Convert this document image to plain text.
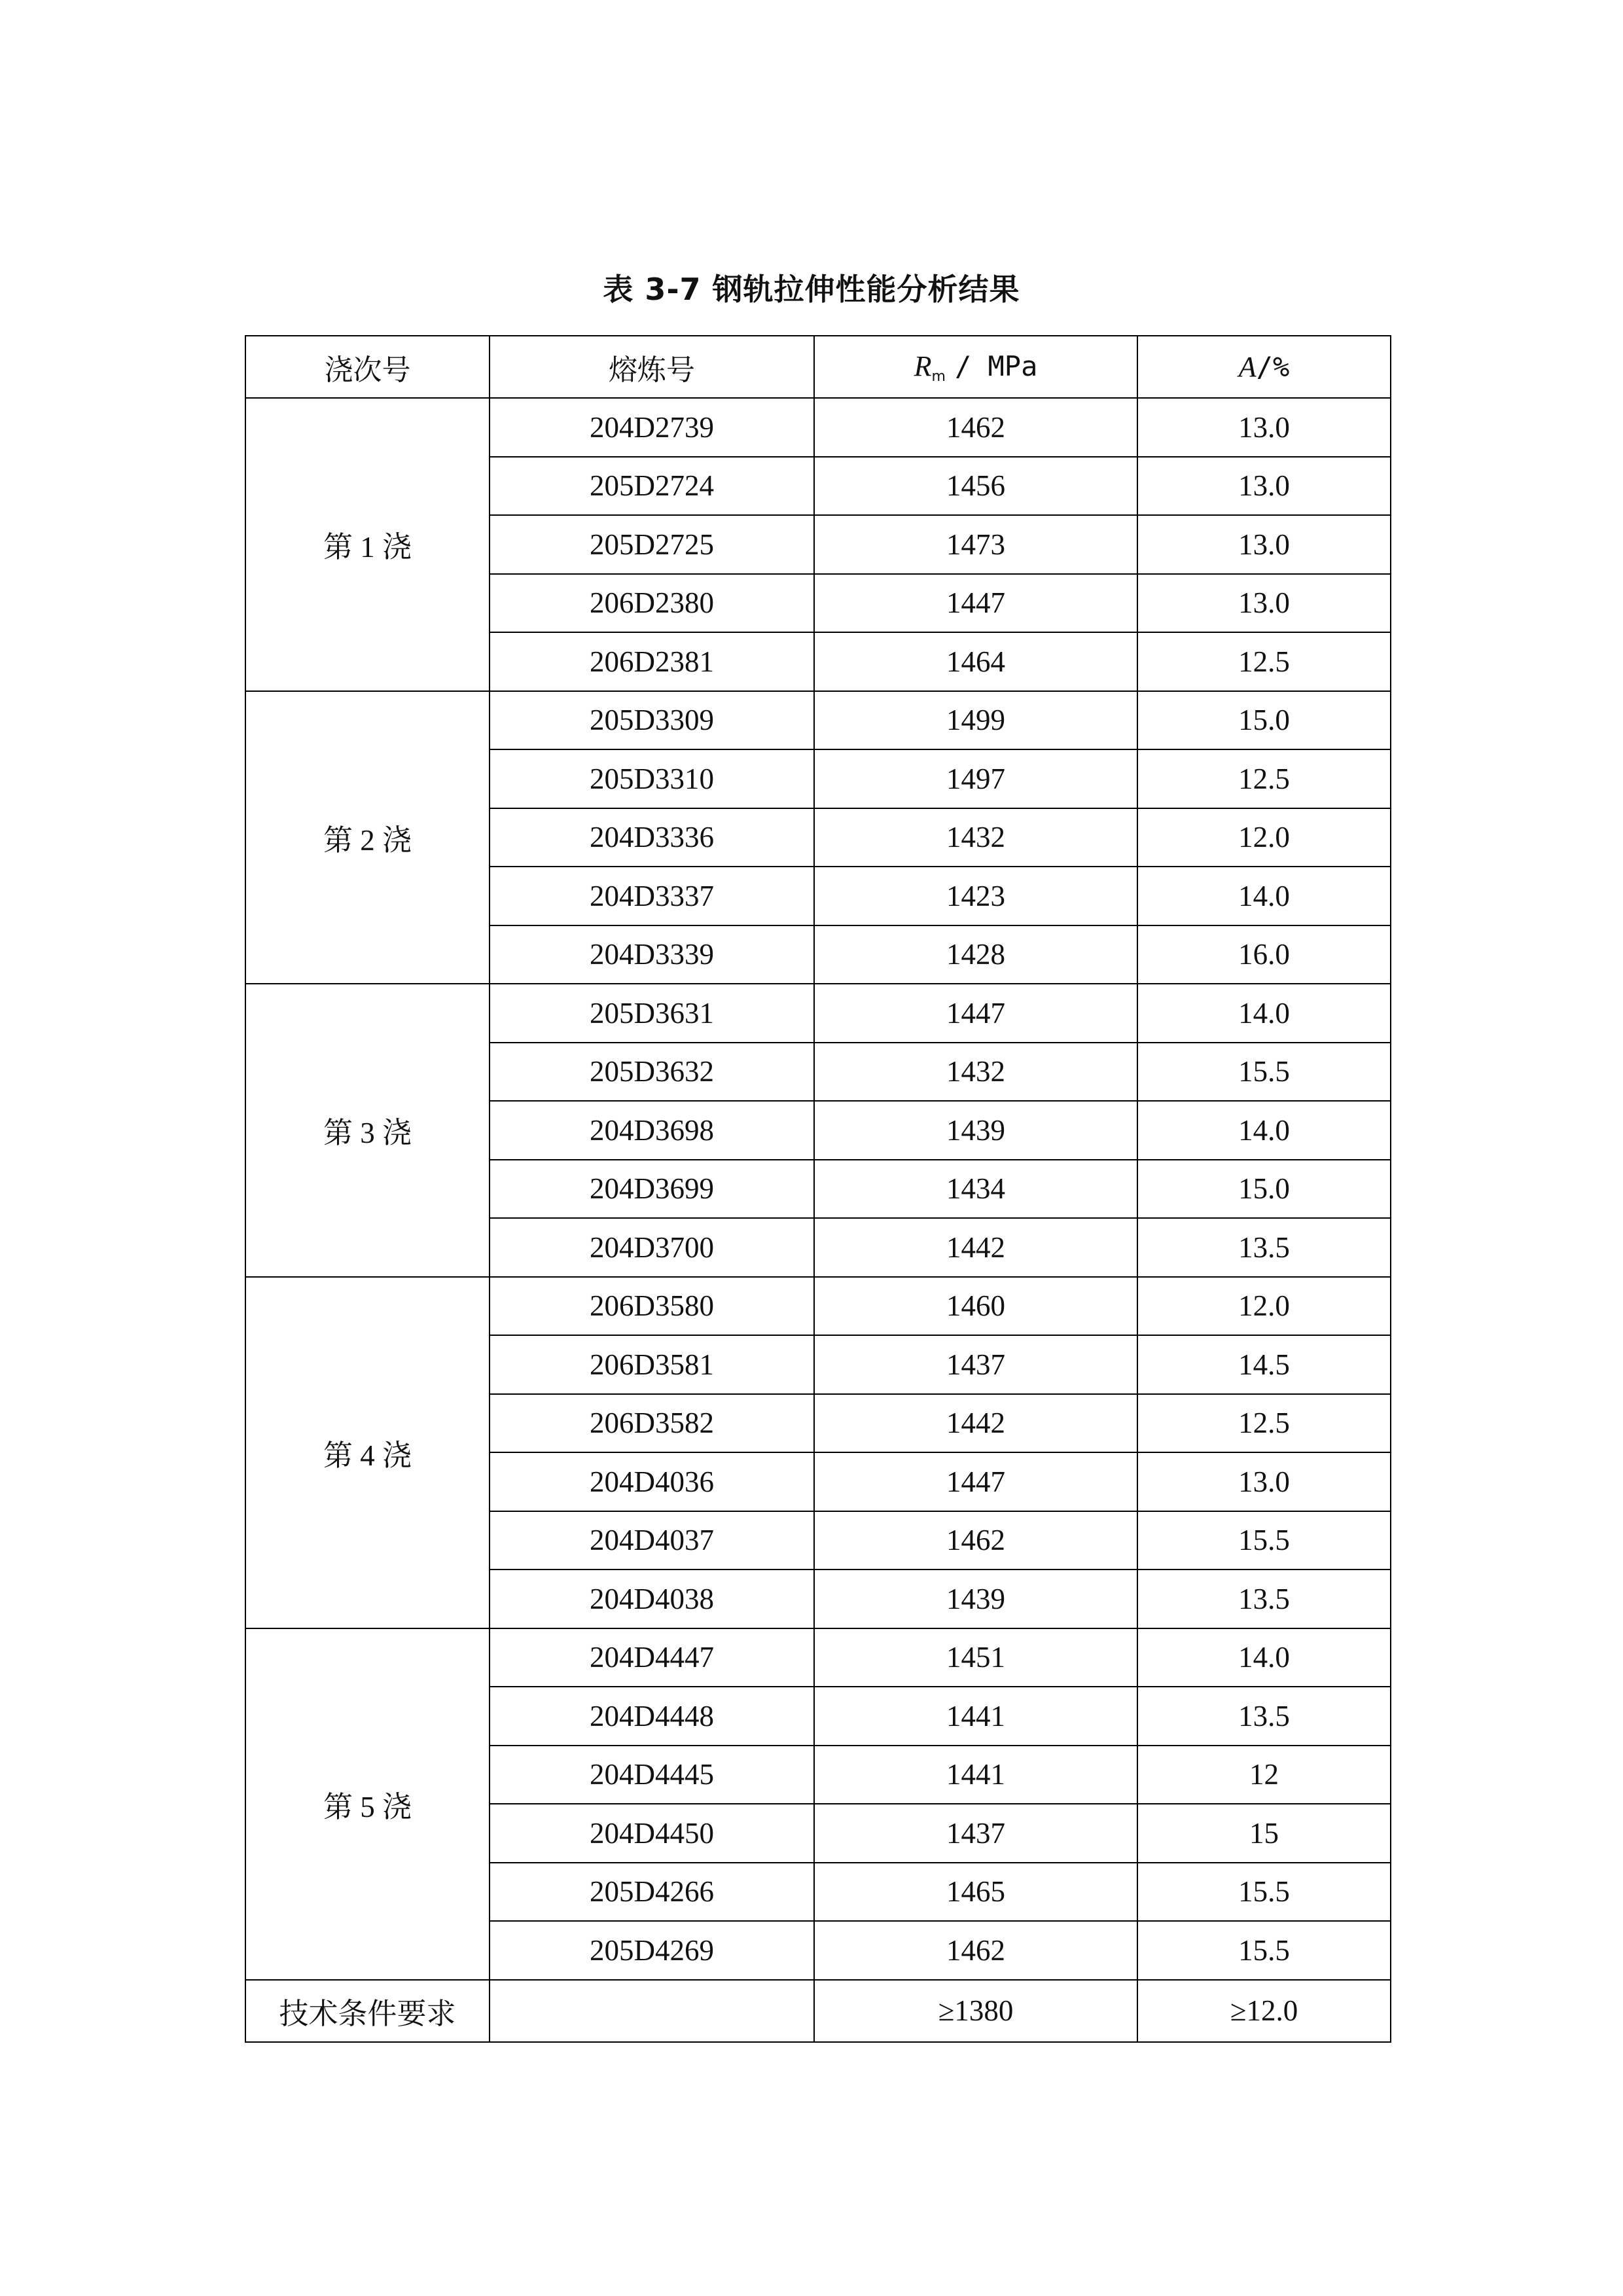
表 3-7 钢轨拉伸性能分析结果
浇次号	熔炼号	$R_m$ / MPa	A/%
第 1 浇	204D2739	1462	13.0
	205D2724	1456	13.0
	205D2725	1473	13.0
	206D2380	1447	13.0
	206D2381	1464	12.5
第 2 浇	205D3309	1499	15.0
	205D3310	1497	12.5
	204D3336	1432	12.0
	204D3337	1423	14.0
	204D3339	1428	16.0
第 3 浇	205D3631	1447	14.0
	205D3632	1432	15.5
	204D3698	1439	14.0
	204D3699	1434	15.0
	204D3700	1442	13.5
第 4 浇	206D3580	1460	12.0
	206D3581	1437	14.5
	206D3582	1442	12.5
	204D4036	1447	13.0
	204D4037	1462	15.5
	204D4038	1439	13.5
第 5 浇	204D4447	1451	14.0
	204D4448	1441	13.5
	204D4445	1441	12
	204D4450	1437	15
	205D4266	1465	15.5
	205D4269	1462	15.5
技术条件要求		≥1380	≥12.0
